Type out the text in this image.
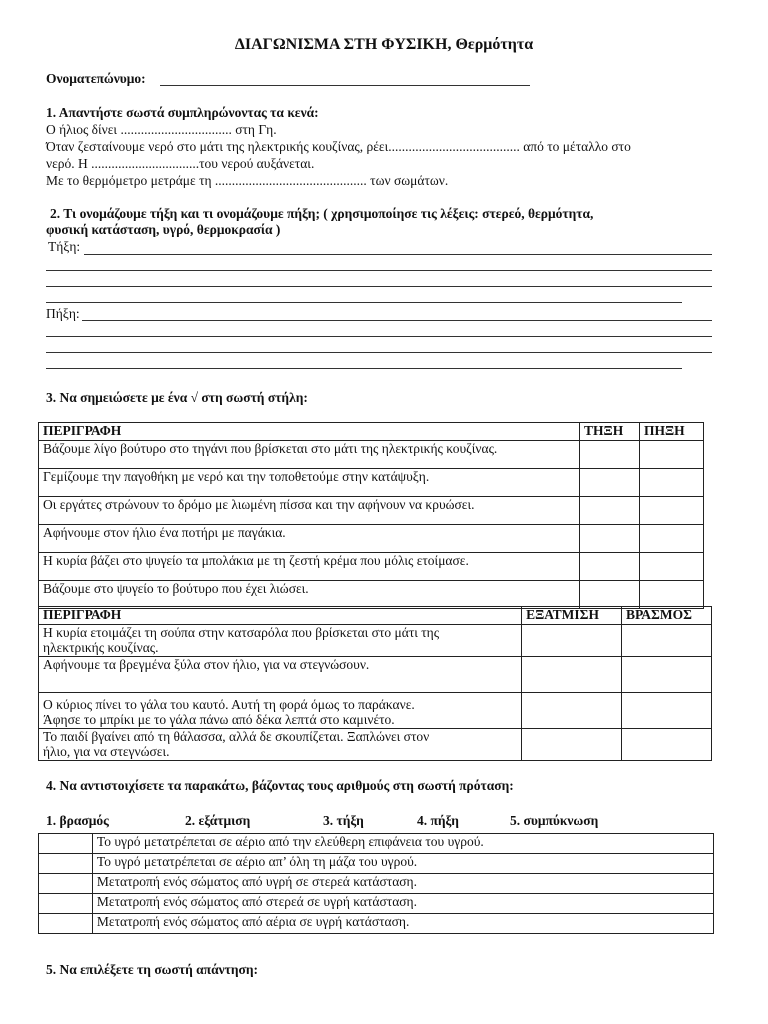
ΔΙΑΓΩΝΙΣΜΑ ΣΤΗ ΦΥΣΙΚΗ, Θερμότητα
Ονοματεπώνυμο:
1. Απαντήστε σωστά συμπληρώνοντας τα κενά:
Ο ήλιος δίνει ................................. στη Γη.
Όταν ζεσταίνουμε νερό στο μάτι της ηλεκτρικής κουζίνας, ρέει....................................... από το μέταλλο στο
νερό. Η ................................του νερού αυξάνεται.
Με το θερμόμετρο μετράμε τη ............................................. των σωμάτων.
2. Τι ονομάζουμε τήξη και τι ονομάζουμε πήξη; ( χρησιμοποίησε τις λέξεις: στερεό, θερμότητα,
φυσική κατάσταση, υγρό, θερμοκρασία )
Τήξη:
Πήξη:
3. Να σημειώσετε με ένα √ στη σωστή στήλη:
ΠΕΡΙΓΡΑΦΗ	ΤΗΞΗ	ΠΗΞΗ
Βάζουμε λίγο βούτυρο στο τηγάνι που βρίσκεται στο μάτι της ηλεκτρικής κουζίνας.		
Γεμίζουμε την παγοθήκη με νερό και την τοποθετούμε στην κατάψυξη.		
Οι εργάτες στρώνουν το δρόμο με λιωμένη πίσσα και την αφήνουν να κρυώσει.		
Αφήνουμε στον ήλιο ένα ποτήρι με παγάκια.		
Η κυρία βάζει στο ψυγείο τα μπολάκια με τη ζεστή κρέμα που μόλις ετοίμασε.		
Βάζουμε στο ψυγείο το βούτυρο που έχει λιώσει.		
ΠΕΡΙΓΡΑΦΗ	ΕΞΑΤΜΙΣΗ	ΒΡΑΣΜΟΣ

Η κυρία ετοιμάζει τη σούπα στην κατσαρόλα που βρίσκεται στο μάτι της
ηλεκτρικής κουζίνας.		

Αφήνουμε τα βρεγμένα ξύλα στον ήλιο, για να στεγνώσουν.		

Ο κύριος πίνει το γάλα του καυτό. Αυτή τη φορά όμως το παράκανε.
Άφησε το μπρίκι με το γάλα πάνω από δέκα λεπτά στο καμινέτο.		

Το παιδί βγαίνει από τη θάλασσα, αλλά δε σκουπίζεται. Ξαπλώνει στον
ήλιο, για να στεγνώσει.		

4. Να αντιστοιχίσετε τα παρακάτω, βάζοντας τους αριθμούς στη σωστή πρόταση:
1. βρασμός	2. εξάτμιση	3. τήξη	4. πήξη	5. συμπύκνωση
	Το υγρό μετατρέπεται σε αέριο από την ελεύθερη επιφάνεια του υγρού.
	Το υγρό μετατρέπεται σε αέριο απ’ όλη τη μάζα του υγρού.
	Μετατροπή ενός σώματος από υγρή σε στερεά κατάσταση.
	Μετατροπή ενός σώματος από στερεά σε υγρή κατάσταση.
	Μετατροπή ενός σώματος από αέρια σε υγρή κατάσταση.
5. Να επιλέξετε τη σωστή απάντηση:
